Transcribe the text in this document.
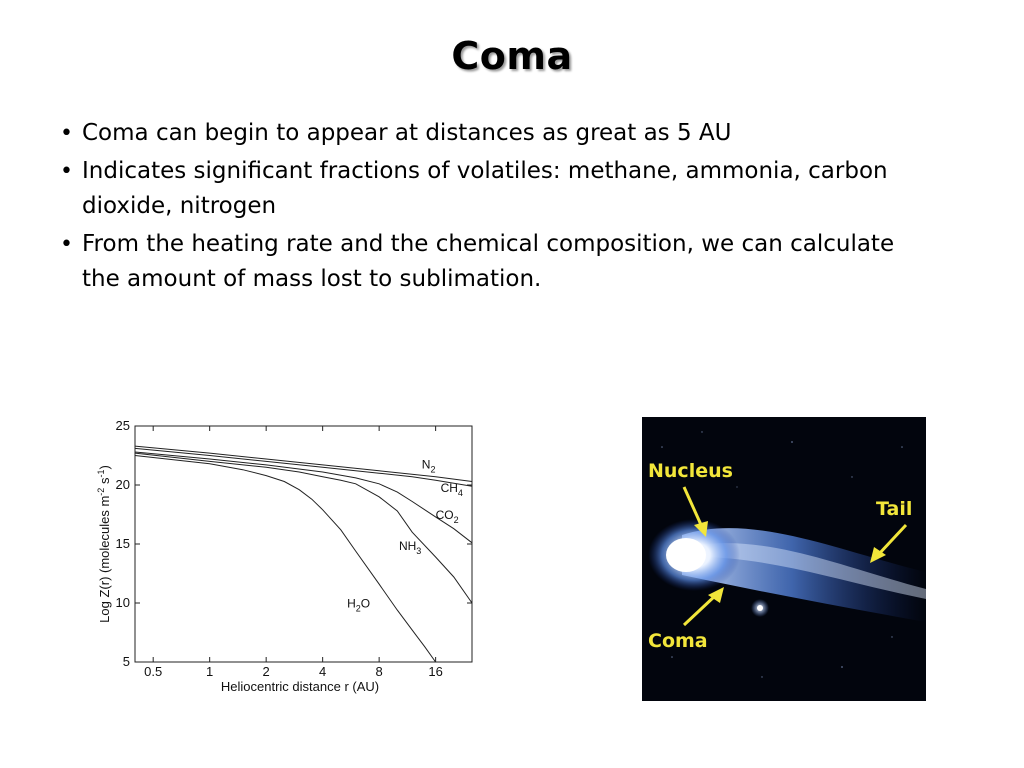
Coma
• Coma can begin to appear at distances as great as 5 AU
• Indicates significant fractions of volatiles: methane, ammonia, carbon dioxide, nitrogen
• From the heating rate and the chemical composition, we can calculate the amount of mass lost to sublimation.
5
10
15
20
25
0.5	1	2	4	8	16
$N_2$
$CH_4$
$CO_2$
$NH_3$
$H_2O$
Heliocentric distance r (AU)
Log Z(r) (molecules $m^{-2}$ $s^{-1}$)	Nucleus
Tail
Coma
